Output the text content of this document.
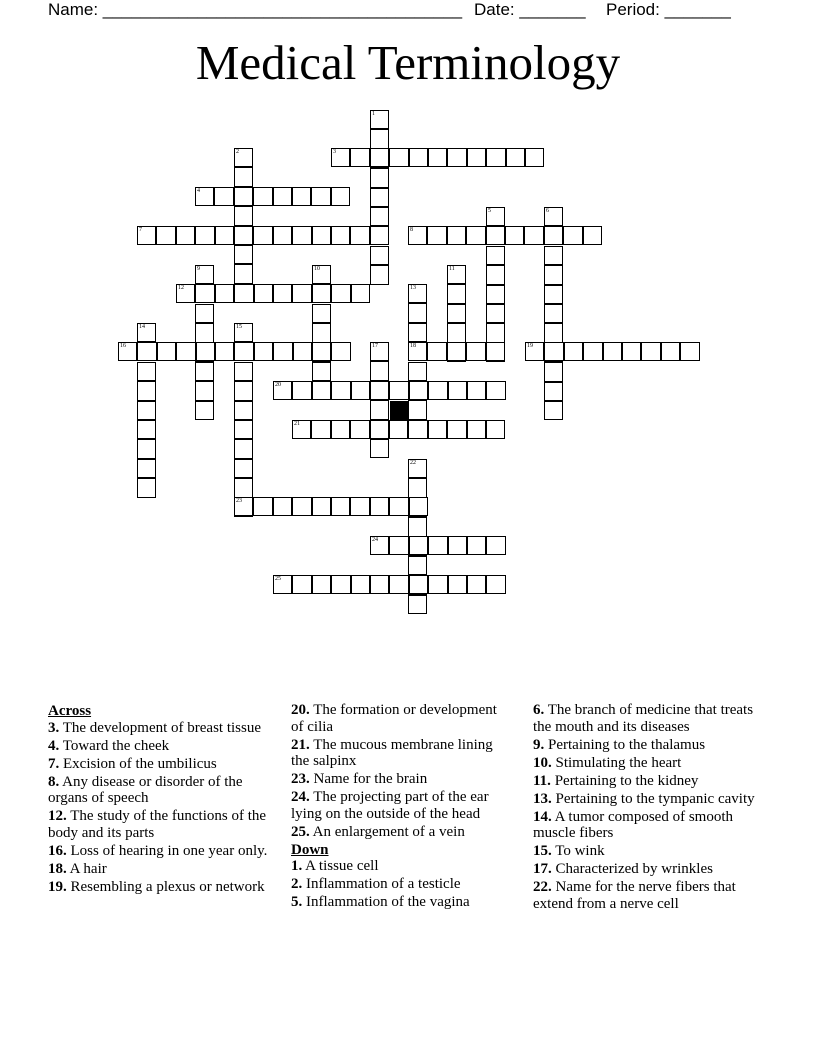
Name: ______________________________________ Date: _______ Period: _______
Medical Terminology
1
2	3
4
5	6
7	8
9	10	11
12	13
18
14	15
16	17	19
20
21
22
23
24
25
Across
3. The development of breast tissue
4. Toward the cheek
7. Excision of the umbilicus
8. Any disease or disorder of the organs of speech
12. The study of the functions of the body and its parts
16. Loss of hearing in one year only.
18. A hair
19. Resembling a plexus or network
20. The formation or development of cilia
21. The mucous membrane lining the salpinx
23. Name for the brain
24. The projecting part of the ear lying on the outside of the head
25. An enlargement of a vein
Down
1. A tissue cell
2. Inflammation of a testicle
5. Inflammation of the vagina
6. The branch of medicine that treats the mouth and its diseases
9. Pertaining to the thalamus
10. Stimulating the heart
11. Pertaining to the kidney
13. Pertaining to the tympanic cavity
14. A tumor composed of smooth muscle fibers
15. To wink
17. Characterized by wrinkles
22. Name for the nerve fibers that extend from a nerve cell
